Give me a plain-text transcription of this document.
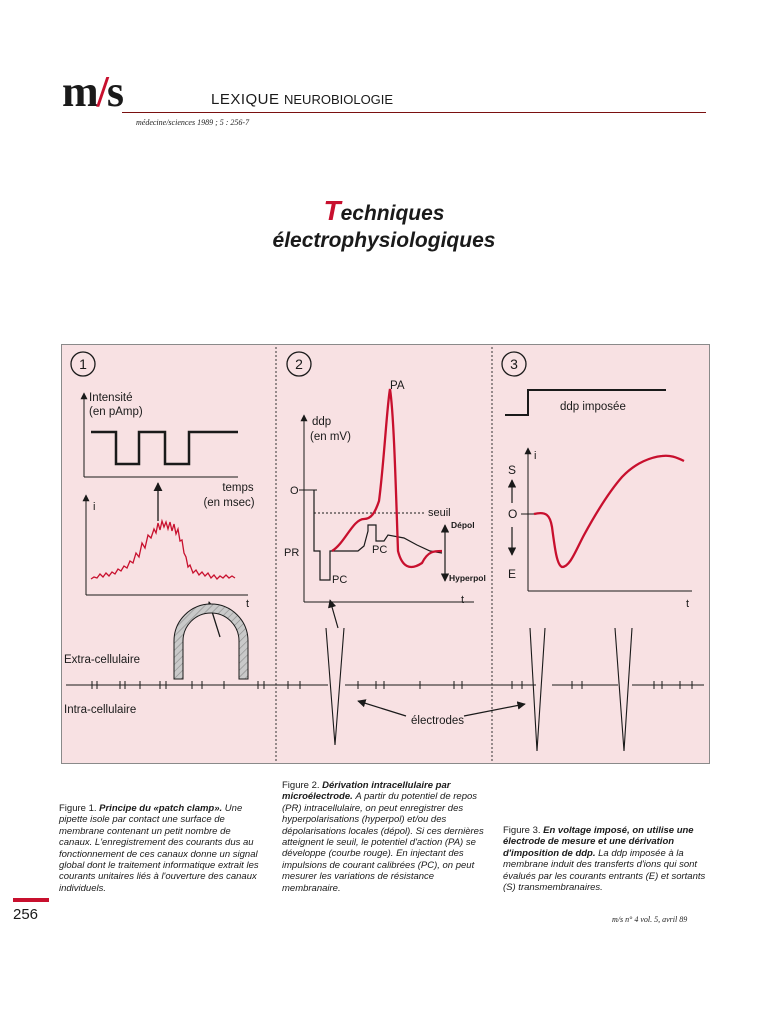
m/s	LEXIQUE NEUROBIOLOGIE
médecine/sciences 1989 ; 5 : 256-7
Techniques
électrophysiologiques
1
Intensité
(en pAmp)
temps
(en msec)
i
t
Extra-cellulaire
Intra-cellulaire
2
ddp
(en mV)
PA
O
PR
t
seuil
Dépol
Hyperpol
PC
PC
électrodes
3
ddp imposée
i
t
S
O
E
Figure 1. Principe du «patch clamp». Une pipette isole par contact une surface de membrane contenant un petit nombre de canaux. L'enregistrement des courants dus au fonctionnement de ces canaux donne un signal global dont le traitement informatique extrait les courants unitaires liés à l'ouverture des canaux individuels.
Figure 2. Dérivation intracellulaire par microélectrode. A partir du potentiel de repos (PR) intracellulaire, on peut enregistrer des hyperpolarisations (hyperpol) et/ou des dépolarisations locales (dépol). Si ces dernières atteignent le seuil, le potentiel d'action (PA) se développe (courbe rouge). En injectant des impulsions de courant calibrées (PC), on peut mesurer les variations de résistance membranaire.
Figure 3. En voltage imposé, on utilise une électrode de mesure et une dérivation d'imposition de ddp. La ddp imposée à la membrane induit des transferts d'ions qui sont évalués par les courants entrants (E) et sortants (S) transmembranaires.
256	m/s n° 4 vol. 5, avril 89
